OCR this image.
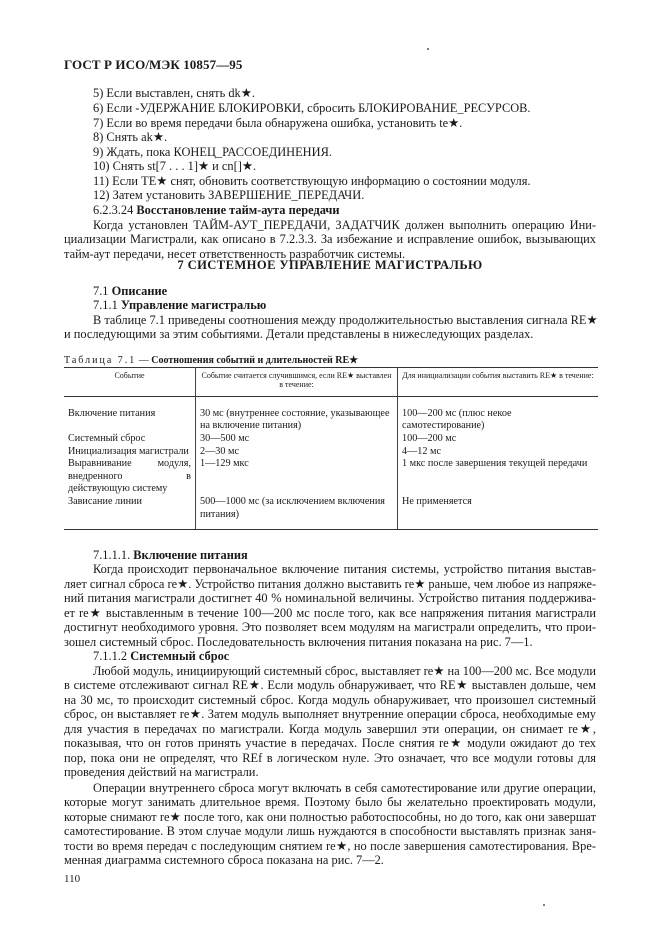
ГОСТ Р ИСО/МЭК 10857—95
5) Если выставлен, снять dk★.
6) Если -УДЕРЖАНИЕ БЛОКИРОВКИ, сбросить БЛОКИРОВАНИЕ_РЕСУРСОВ.
7) Если во время передачи была обнаружена ошибка, установить te★.
8) Снять ak★.
9) Ждать, пока КОНЕЦ_РАССОЕДИНЕНИЯ.
10) Снять st[7 . . . 1]★ и cn[]★.
11) Если TE★ снят, обновить соответствующую информацию о состоянии модуля.
12) Затем установить ЗАВЕРШЕНИЕ_ПЕРЕДАЧИ.
6.2.3.24 Восстановление тайм-аута передачи
Когда установлен ТАЙМ-АУТ_ПЕРЕДАЧИ, ЗАДАТЧИК должен выполнить операцию Ини-
циализации Магистрали, как описано в 7.2.3.3. За избежание и исправление ошибок, вызывающих
тайм-аут передачи, несет ответственность разработчик системы.
7 СИСТЕМНОЕ УПРАВЛЕНИЕ МАГИСТРАЛЬЮ
7.1 Описание
7.1.1 Управление магистралью
В таблице 7.1 приведены соотношения между продолжительностью выставления сигнала RE★
и последующими за этим событиями. Детали представлены в нижеследующих разделах.
Таблица 7.1 — Соотношения событий и длительностей RE★
Событие	Событие считается случившимся, если RE★ выставлен в течение:	Для инициализации события выставить RE★ в течение:
Включение питания	30 мс (внутреннее состояние, указывающее на включение питания)	100—200 мс (плюс некое самотестирование)
Системный сброс	30—500 мс	100—200 мс
Инициализация магистрали	2—30 мс	4—12 мс
Выравнивание модуля, внедренного в действующую систему	1—129 мкс	1 мкс после завершения текущей передачи
Зависание линии	500—1000 мс (за исключением включения питания)	Не применяется
7.1.1.1. Включение питания
Когда происходит первоначальное включение питания системы, устройство питания выстав-
ляет сигнал сброса re★. Устройство питания должно выставить re★ раньше, чем любое из напряже-
ний питания магистрали достигнет 40 % номинальной величины. Устройство питания поддержива-
ет re★ выставленным в течение 100—200 мс после того, как все напряжения питания магистрали
достигнут необходимого уровня. Это позволяет всем модулям на магистрали определить, что прои-
зошел системный сброс. Последовательность включения питания показана на рис. 7—1.
7.1.1.2 Системный сброс
Любой модуль, инициирующий системный сброс, выставляет re★ на 100—200 мс. Все модули
в системе отслеживают сигнал RE★. Если модуль обнаруживает, что RE★ выставлен дольше, чем
на 30 мс, то происходит системный сброс. Когда модуль обнаруживает, что произошел системный
сброс, он выставляет re★. Затем модуль выполняет внутренние операции сброса, необходимые ему
для участия в передачах по магистрали. Когда модуль завершил эти операции, он снимает re★,
показывая, что он готов принять участие в передачах. После снятия re★ модули ожидают до тех
пор, пока они не определят, что REf в логическом нуле. Это означает, что все модули готовы для
проведения действий на магистрали.
Операции внутреннего сброса могут включать в себя самотестирование или другие операции,
которые могут занимать длительное время. Поэтому было бы желательно проектировать модули,
которые снимают re★ после того, как они полностью работоспособны, но до того, как они завершат
самотестирование. В этом случае модули лишь нуждаются в способности выставлять признак заня-
тости во время передач с последующим снятием re★, но после завершения самотестирования. Вре-
менная диаграмма системного сброса показана на рис. 7—2.
110
